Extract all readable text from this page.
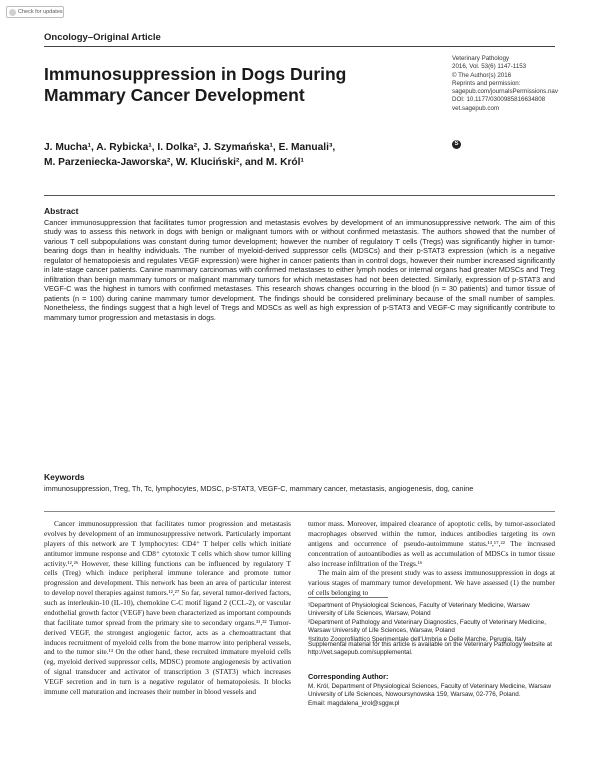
Check for updates
Oncology–Original Article
Immunosuppression in Dogs During Mammary Cancer Development
Veterinary Pathology
2016, Vol. 53(6) 1147-1153
© The Author(s) 2016
Reprints and permission:
sagepub.com/journalsPermissions.nav
DOI: 10.1177/0300985816634808
vet.sagepub.com
S
J. Mucha¹, A. Rybicka¹, I. Dolka², J. Szymańska¹, E. Manuali³,
M. Parzeniecka-Jaworska², W. Kluciński², and M. Król¹
Abstract
Cancer immunosuppression that facilitates tumor progression and metastasis evolves by development of an immunosuppressive network. The aim of this study was to assess this network in dogs with benign or malignant tumors with or without confirmed metastasis. The authors showed that the number of various T cell subpopulations was constant during tumor development; however the number of regulatory T cells (Tregs) was significantly higher in tumor-bearing dogs than in healthy individuals. The number of myeloid-derived suppressor cells (MDSCs) and their p-STAT3 expression (which is a negative regulator of hematopoiesis and regulates VEGF expression) were higher in cancer patients than in control dogs, however their number increased significantly in late-stage cancer patients. Canine mammary carcinomas with confirmed metastases to either lymph nodes or internal organs had greater MDSCs and Treg infiltration than benign mammary tumors or malignant mammary tumors for which metastases had not been detected. Similarly, expression of p-STAT3 and VEGF-C was the highest in tumors with confirmed metastases. This research shows changes occurring in the blood (n = 30 patients) and tumor tissue of patients (n = 100) during canine mammary tumor development. The findings should be considered preliminary because of the small number of samples. Nonetheless, the findings suggest that a high level of Tregs and MDSCs as well as high expression of p-STAT3 and VEGF-C may significantly contribute to mammary tumor progression and metastasis in dogs.
Keywords
immunosuppression, Treg, Th, Tc, lymphocytes, MDSC, p-STAT3, VEGF-C, mammary cancer, metastasis, angiogenesis, dog, canine

Cancer immunosuppression that facilitates tumor progression and metastasis evolves by development of an immunosuppressive network. Particularly important players of this network are T lymphocytes: CD4⁺ T helper cells which initiate antitumor immune response and CD8⁺ cytotoxic T cells which show tumor killing activity.¹²,²⁶ However, these killing functions can be influenced by regulatory T cells (Treg) which induce peripheral immune tolerance and promote tumor progression and development. This network has been an area of particular interest to develop novel therapies against tumors.¹²,²⁷ So far, several tumor-derived factors, such as interleukin-10 (IL-10), chemokine C-C motif ligand 2 (CCL-2), or vascular endothelial growth factor (VEGF) have been characterized as important compounds that facilitate tumor spread from the primary site to secondary organs.³¹,³² Tumor-derived VEGF, the strongest angiogenic factor, acts as a chemoattractant that induces recruitment of myeloid cells from the bone marrow into peripheral vessels, and to the tumor site.¹³ On the other hand, these recruited immature myeloid cells (eg, myeloid derived suppressor cells, MDSC) promote angiogenesis by activation of signal transducer and activator of transcription 3 (STAT3) which increases VEGF secretion and in turn is a negative regulator of hematopoiesis. It blocks immune cell maturation and increases their number in blood vessels and

tumor mass. Moreover, impaired clearance of apoptotic cells, by tumor-associated macrophages observed within the tumor, induces antibodies targeting its own antigens and occurrence of pseudo-autoimmune status.¹³,¹⁷,²² The increased concentration of autoantibodies as well as accumulation of MDSCs in tumor tissue also increase infiltration of the Tregs.¹⁶

The main aim of the present study was to assess immunosuppression in dogs at various stages of mammary tumor development. We have assessed (1) the number of cells belonging to

¹Department of Physiological Sciences, Faculty of Veterinary Medicine, Warsaw University of Life Sciences, Warsaw, Poland

²Department of Pathology and Veterinary Diagnostics, Faculty of Veterinary Medicine, Warsaw University of Life Sciences, Warsaw, Poland

³Istituto Zooprofilattico Sperimentale dell'Umbria e Delle Marche, Perugia, Italy

Supplemental material for this article is available on the Veterinary Pathology website at http://vet.sagepub.com/supplemental.
Corresponding Author:
M. Król, Department of Physiological Sciences, Faculty of Veterinary Medicine, Warsaw University of Life Sciences, Nowoursynowska 159, Warsaw, 02-776, Poland.
Email: magdalena_krol@sggw.pl
